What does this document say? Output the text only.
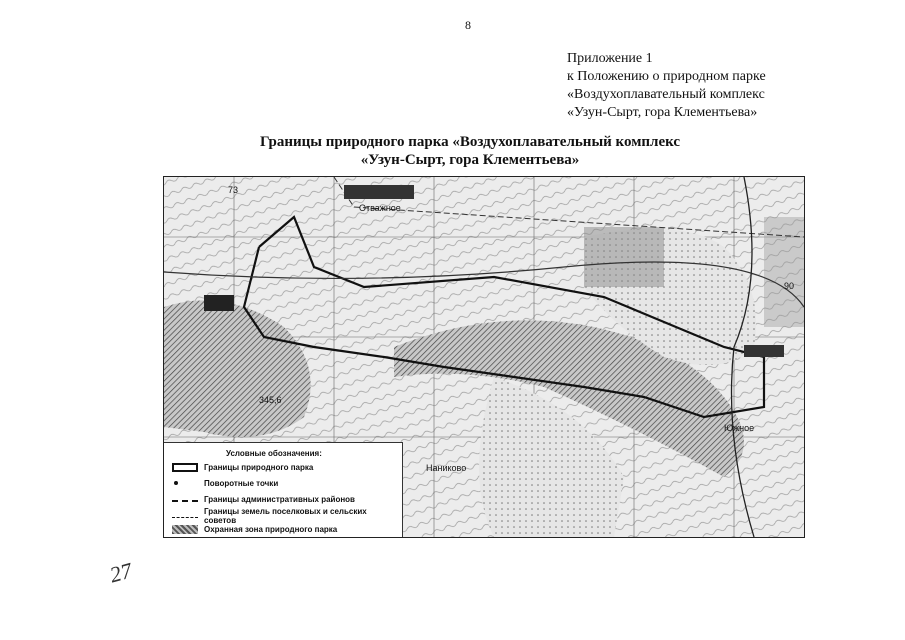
8
Приложение 1
к Положению о природном парке
«Воздухоплавательный комплекс
«Узун-Сырт, гора Клементьева»
Границы природного парка «Воздухоплавательный комплекс
«Узун-Сырт, гора Клементьева»
Отважное
Южное
Наниково
73
345,6
90
Условные обозначения:
Границы природного парка
Поворотные точки
Границы административных районов
Границы земель поселковых и сельских советов
Охранная зона природного парка
27
